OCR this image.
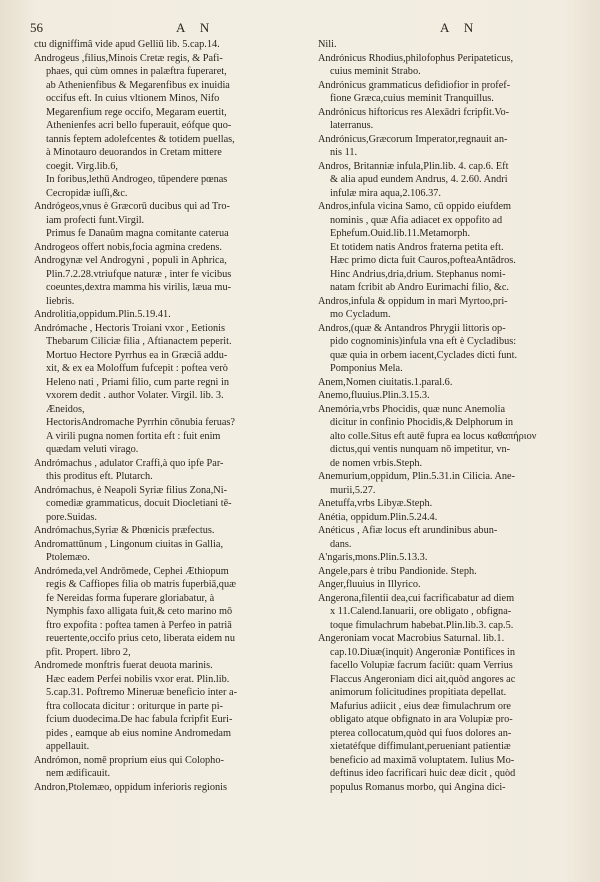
56	A N	A N
ctu digniffimâ vide apud Gelliū lib. 5.cap.14.
Androgeus ,filius,Minois Cretæ regis, & Pafi-
phaes, qui cùm omnes in palæftra fuperaret,
ab Athenienfibus & Megarenfibus ex inuidia
occifus eft. In cuius vltionem Minos, Nifo
Megarenfium rege occifo, Megaram euertit,
Athenienfes acri bello fuperauit, eófque quo-
tannis feptem adolefcentes & totidem puellas,
à Minotauro deuorandos in Cretam mittere
coegit. Virg.lib.6,
In foribus,lethū Androgeo, tūpendere pœnas
Cecropidæ iuſſi,&c.
Andrógeos,vnus è Græcorū ducibus qui ad Tro-
iam profecti funt.Virgil.
Primus fe Danaûm magna comitante caterua
Androgeos offert nobis,focia agmina credens.
Androgynæ vel Androgyni , populi in Aphrica,
Plin.7.2.28.vtriufque naturæ , inter fe vicibus
coeuntes,dextra mamma his virilis, læua mu-
liebris.
Androlitia,oppidum.Plin.5.19.41.
Andrómache , Hectoris Troiani vxor , Eetionis
Thebarum Ciliciæ filia , Aftianactem peperit.
Mortuo Hectore Pyrrhus ea in Græciā addu-
xit, & ex ea Moloffum fufcepit : poftea verò
Heleno nati , Priami filio, cum parte regni in
vxorem dedit . author Volater. Virgil. lib. 3.
Æneidos,
HectorisAndromache Pyrrhin cōnubia feruas?
A virili pugna nomen fortita eft : fuit enim
quædam veluti virago.
Andrómachus , adulator Craffi,à quo ipfe Par-
this proditus eft. Plutarch.
Andrómachus, è Neapoli Syriæ filius Zona,Ni-
comediæ grammaticus, docuit Diocletiani tē-
pore.Suidas.
Andrómachus,Syriæ & Phœnicis præfectus.
Andromattūnum , Lingonum ciuitas in Gallia,
Ptolemæo.
Andrómeda,vel Andrōmede, Cephei Æthiopum
regis & Caffiopes filia ob matris fuperbiā,quæ
fe Nereidas forma fuperare gloriabatur, à
Nymphis faxo alligata fuit,& ceto marino mō
ftro expofita : poftea tamen à Perfeo in patriā
reuertente,occifo prius ceto, liberata eidem nu
pfit. Propert. libro 2,
Andromede monftris fuerat deuota marinis.
Hæc eadem Perfei nobilis vxor erat. Plin.lib.
5.cap.31. Poftremo Mineruæ beneficio inter a-
ftra collocata dicitur : oriturque in parte pi-
fcium duodecima.De hac fabula fcripfit Euri-
pides , eamque ab eius nomine Andromedam
appellauit.
Andrómon, nomē proprium eius qui Colopho-
nem ædificauit.
Andron,Ptolemæo, oppidum inferioris regionis
Nili.
Andrónicus Rhodius,philofophus Peripateticus,
cuius meminit Strabo.
Andrónicus grammaticus defidiofior in profef-
fione Græca,cuius meminit Tranquillus.
Andrónicus hiftoricus res Alexādri fcripfit.Vo-
laterranus.
Andrónicus,Græcorum Imperator,regnauit an-
nis 11.
Andros, Britanniæ infula,Plin.lib. 4. cap.6. Eft
& alia apud eundem Andrus, 4. 2.60. Andri
infulæ mira aqua,2.106.37.
Andros,infula vicina Samo, cū oppido eiufdem
nominis , quæ Afia adiacet ex oppofito ad
Ephefum.Ouid.lib.11.Metamorph.
Et totidem natis Andros fraterna petita eft.
Hæc primo dicta fuit Cauros,pofteaAntādros.
Hinc Andrius,dria,drium. Stephanus nomi-
natam fcribit ab Andro Eurimachi filio, &c.
Andros,infula & oppidum in mari Myrtoo,pri-
mo Cycladum.
Andros,(quæ & Antandros Phrygii littoris op-
pido cognominis)infula vna eft è Cycladibus:
quæ quia in orbem iacent,Cyclades dicti funt.
Pomponius Mela.
Anem,Nomen ciuitatis.1.paral.6.
Anemo,fluuius.Plin.3.15.3.
Anemória,vrbs Phocidis, quæ nunc Anemolia
dicitur in confinio Phocidis,& Delphorum in
alto colle.Situs eft autē fupra ea locus καθαπήριον
dictus,qui ventis nunquam nō impetitur, vn-
de nomen vrbis.Steph.
Anemurium,oppidum, Plin.5.31.in Cilicia. Ane-
murii,5.27.
Anetuffa,vrbs Libyæ.Steph.
Anétia, oppidum.Plin.5.24.4.
Anéticus , Afiæ locus eft arundinibus abun-
dans.
A'ngaris,mons.Plin.5.13.3.
Angele,pars è tribu Pandionide. Steph.
Anger,fluuius in Illyrico.
Angerona,filentii dea,cui facrificabatur ad diem
x 11.Calend.Ianuarii, ore obligato , obfigna-
toque fimulachrum habebat.Plin.lib.3. cap.5.
Angeroniam vocat Macrobius Saturnal. lib.1.
cap.10.Diuæ(inquit) Angeroniæ Pontifices in
facello Volupiæ facrum faciūt: quam Verrius
Flaccus Angeroniam dici ait,quòd angores ac
animorum folicitudines propitiata depellat.
Mafurius adiicit , eius deæ fimulachrum ore
obligato atque obfignato in ara Volupiæ pro-
pterea collocatum,quòd qui fuos dolores an-
xietatéfque diffimulant,perueniant patientiæ
beneficio ad maximā voluptatem. Iulius Mo-
deftinus ideo facrificari huic deæ dicit , quòd
populus Romanus morbo, qui Angina dici-
